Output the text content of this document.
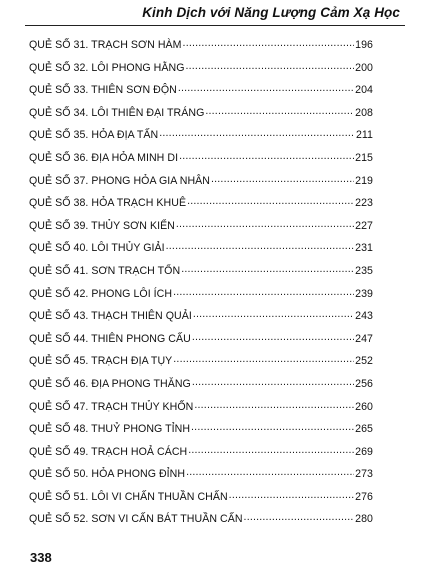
Kinh Dịch với Năng Lượng Cảm Xạ Học
QUẺ SỐ 31. TRẠCH SƠN HÀM .....	196
QUẺ SỐ 32. LÔI PHONG HẰNG .....	200
QUẺ SỐ 33. THIÊN SƠN ĐỘN .....	204
QUẺ SỐ 34. LÔI THIÊN ĐẠI TRÁNG .....	208
QUẺ SỐ 35. HỎA ĐỊA TẤN .....	211
QUẺ SỐ 36. ĐỊA HỎA MINH DI .....	215
QUẺ SỐ 37. PHONG HỎA GIA NHÂN .....	219
QUẺ SỐ 38. HỎA TRẠCH KHUÊ .....	223
QUẺ SỐ 39. THỦY SƠN KIỂN .....	227
QUẺ SỐ 40. LÔI THỦY GIẢI .....	231
QUẺ SỐ 41. SƠN TRẠCH TỔN .....	235
QUẺ SỐ 42. PHONG LÔI ÍCH .....	239
QUẺ SỐ 43. THẠCH THIÊN QUẢI .....	243
QUẺ SỐ 44. THIÊN PHONG CẤU .....	247
QUẺ SỐ 45. TRẠCH ĐỊA TỤY .....	252
QUẺ SỐ 46. ĐỊA PHONG THĂNG .....	256
QUẺ SỐ 47. TRẠCH THỦY KHỐN .....	260
QUẺ SỐ 48. THUỶ PHONG TỈNH .....	265
QUẺ SỐ 49. TRẠCH HOẢ CÁCH .....	269
QUẺ SỐ 50. HỎA PHONG ĐỈNH .....	273
QUẺ SỐ 51. LÔI VI CHẤN THUẦN CHẤN .....	276
QUẺ SỐ 52. SƠN VI CẤN BÁT THUẦN CẤN .....	280
338
